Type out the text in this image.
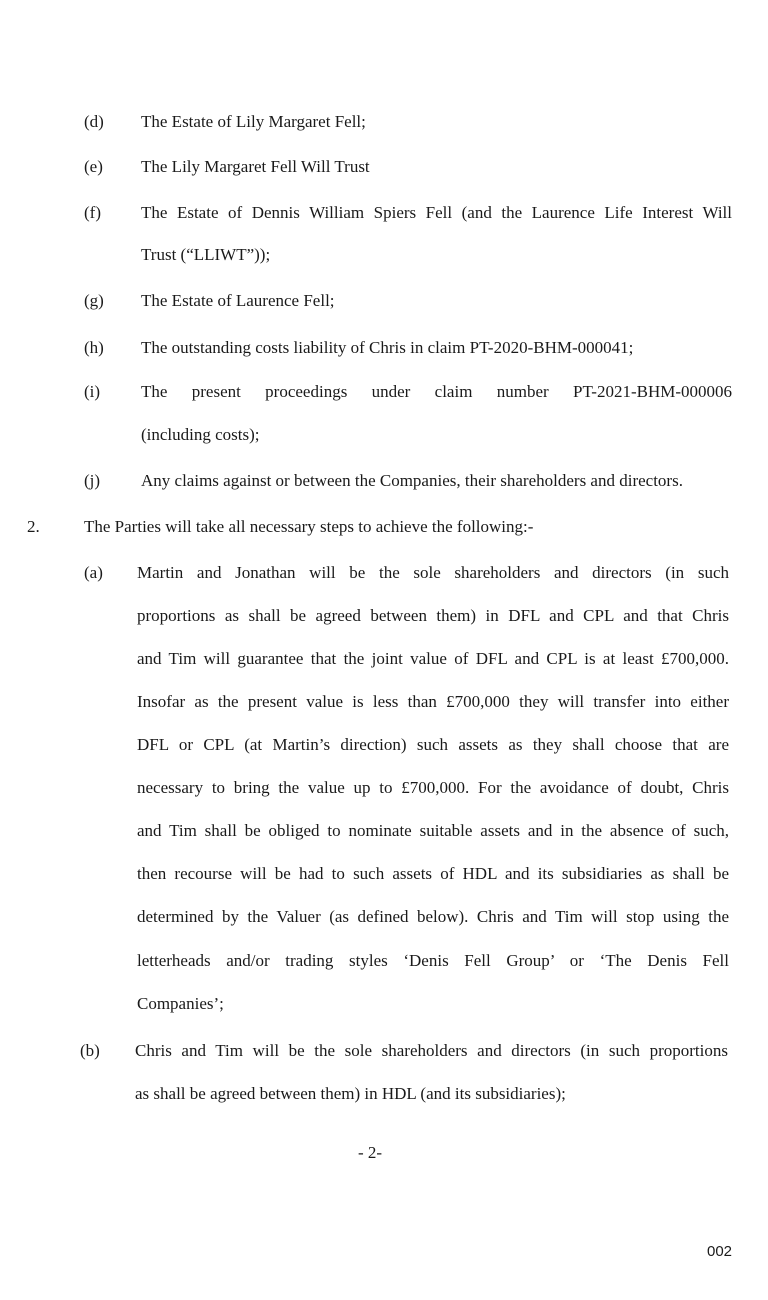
(d) The Estate of Lily Margaret Fell;
(e) The Lily Margaret Fell Will Trust
(f) The Estate of Dennis William Spiers Fell (and the Laurence Life Interest Will
Trust (“LLIWT”));
(g) The Estate of Laurence Fell;
(h) The outstanding costs liability of Chris in claim PT-2020-BHM-000041;
(i) The present proceedings under claim number PT-2021-BHM-000006
(including costs);
(j) Any claims against or between the Companies, their shareholders and directors.
2.	The Parties will take all necessary steps to achieve the following:-
(a) Martin and Jonathan will be the sole shareholders and directors (in such
proportions as shall be agreed between them) in DFL and CPL and that Chris
and Tim will guarantee that the joint value of DFL and CPL is at least £700,000.
Insofar as the present value is less than £700,000 they will transfer into either
DFL or CPL (at Martin’s direction) such assets as they shall choose that are
necessary to bring the value up to £700,000. For the avoidance of doubt, Chris
and Tim shall be obliged to nominate suitable assets and in the absence of such,
then recourse will be had to such assets of HDL and its subsidiaries as shall be
determined by the Valuer (as defined below). Chris and Tim will stop using the
letterheads and/or trading styles ‘Denis Fell Group’ or ‘The Denis Fell
Companies’;
(b) Chris and Tim will be the sole shareholders and directors (in such proportions
as shall be agreed between them) in HDL (and its subsidiaries);
- 2-
002
